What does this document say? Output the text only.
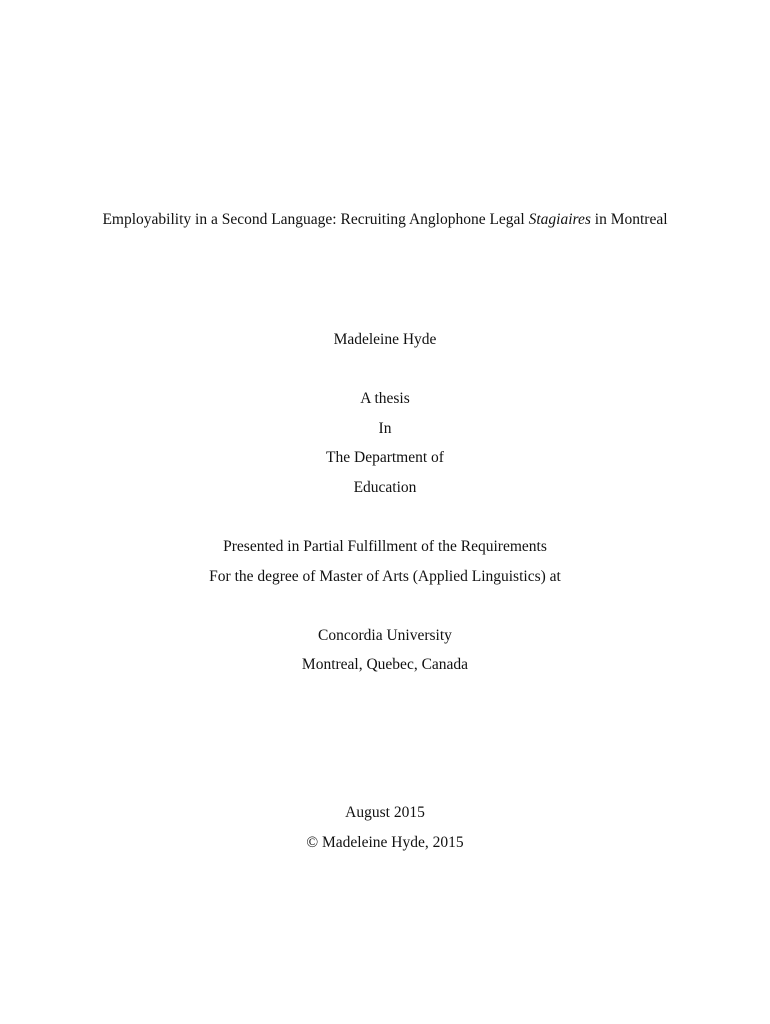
Employability in a Second Language: Recruiting Anglophone Legal Stagiaires in Montreal
Madeleine Hyde
A thesis
In
The Department of
Education
Presented in Partial Fulfillment of the Requirements
For the degree of Master of Arts (Applied Linguistics) at
Concordia University
Montreal, Quebec, Canada
August 2015
© Madeleine Hyde, 2015
